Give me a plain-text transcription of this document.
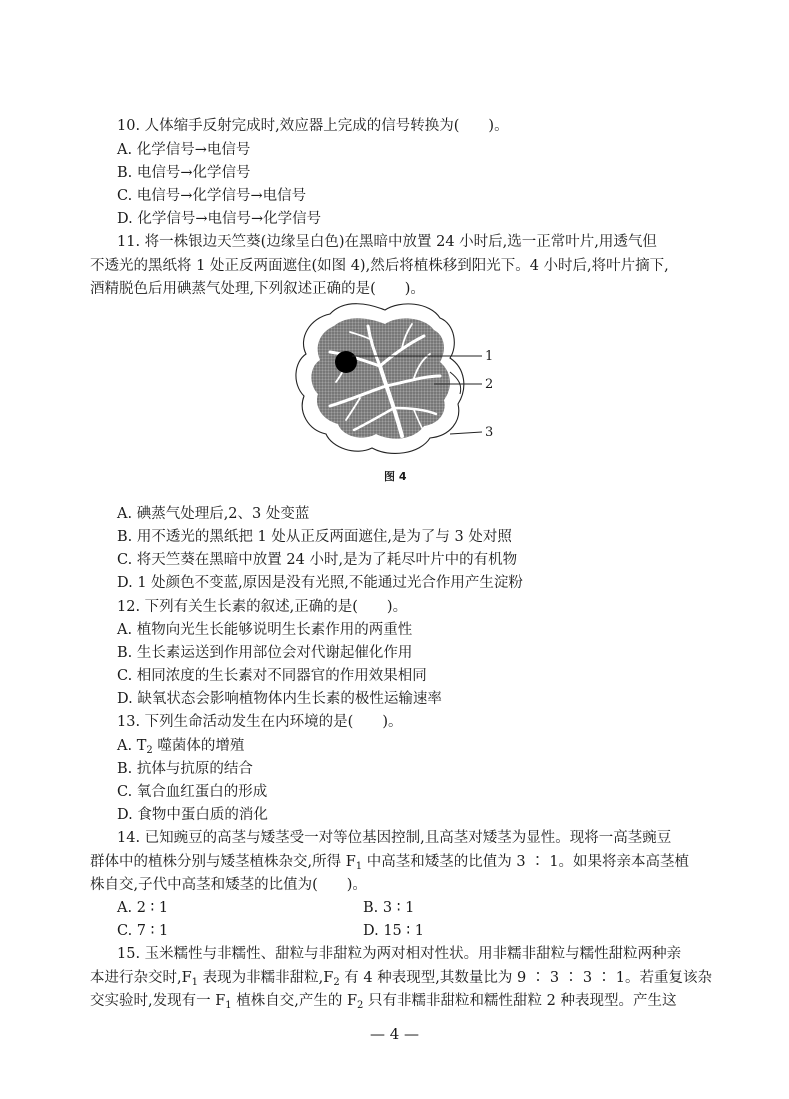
10. 人体缩手反射完成时,效应器上完成的信号转换为(　　)。
A. 化学信号→电信号
B. 电信号→化学信号
C. 电信号→化学信号→电信号
D. 化学信号→电信号→化学信号
11. 将一株银边天竺葵(边缘呈白色)在黑暗中放置 24 小时后,选一正常叶片,用透气但
不透光的黑纸将 1 处正反两面遮住(如图 4),然后将植株移到阳光下。4 小时后,将叶片摘下,
酒精脱色后用碘蒸气处理,下列叙述正确的是(　　)。
1
2
3
图 4
A. 碘蒸气处理后,2、3 处变蓝
B. 用不透光的黑纸把 1 处从正反两面遮住,是为了与 3 处对照
C. 将天竺葵在黑暗中放置 24 小时,是为了耗尽叶片中的有机物
D. 1 处颜色不变蓝,原因是没有光照,不能通过光合作用产生淀粉
12. 下列有关生长素的叙述,正确的是(　　)。
A. 植物向光生长能够说明生长素作用的两重性
B. 生长素运送到作用部位会对代谢起催化作用
C. 相同浓度的生长素对不同器官的作用效果相同
D. 缺氧状态会影响植物体内生长素的极性运输速率
13. 下列生命活动发生在内环境的是(　　)。
A. $T_2$ 噬菌体的增殖
B. 抗体与抗原的结合
C. 氧合血红蛋白的形成
D. 食物中蛋白质的消化
14. 已知豌豆的高茎与矮茎受一对等位基因控制,且高茎对矮茎为显性。现将一高茎豌豆
群体中的植株分别与矮茎植株杂交,所得 $F_1$ 中高茎和矮茎的比值为 3 ∶ 1。如果将亲本高茎植
株自交,子代中高茎和矮茎的比值为(　　)。
A. 2 ∶ 1	B. 3 ∶ 1
C. 7 ∶ 1	D. 15 ∶ 1
15. 玉米糯性与非糯性、甜粒与非甜粒为两对相对性状。用非糯非甜粒与糯性甜粒两种亲
本进行杂交时$,F_1$ 表现为非糯非甜粒$,F_2$ 有 4 种表现型,其数量比为 9 ∶ 3 ∶ 3 ∶ 1。若重复该杂
交实验时,发现有一 $F_1$ 植株自交,产生的 $F_2$ 只有非糯非甜粒和糯性甜粒 2 种表现型。产生这
— 4 —
